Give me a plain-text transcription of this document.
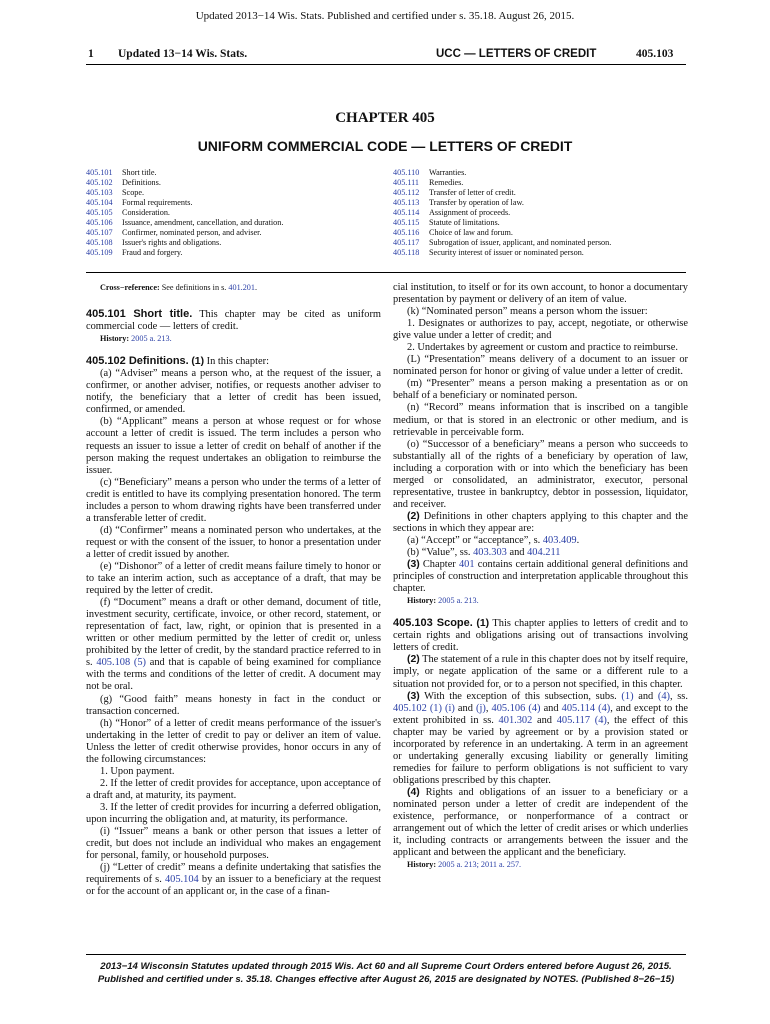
Updated 2013−14 Wis. Stats. Published and certified under s. 35.18. August 26, 2015.
1 Updated 13−14 Wis. Stats.	UCC — LETTERS OF CREDIT	405.103
CHAPTER 405
UNIFORM COMMERCIAL CODE — LETTERS OF CREDIT
405.101 Short title.
405.102 Definitions.
405.103 Scope.
405.104 Formal requirements.
405.105 Consideration.
405.106 Issuance, amendment, cancellation, and duration.
405.107 Confirmer, nominated person, and adviser.
405.108 Issuer's rights and obligations.
405.109 Fraud and forgery.
405.110 Warranties.
405.111 Remedies.
405.112 Transfer of letter of credit.
405.113 Transfer by operation of law.
405.114 Assignment of proceeds.
405.115 Statute of limitations.
405.116 Choice of law and forum.
405.117 Subrogation of issuer, applicant, and nominated person.
405.118 Security interest of issuer or nominated person.

Cross−reference: See definitions in s. 401.201.

405.101 Short title. This chapter may be cited as uniform commercial code — letters of credit.

History: 2005 a. 213.

405.102 Definitions. (1) In this chapter:

(a) “Adviser” means a person who, at the request of the issuer, a confirmer, or another adviser, notifies, or requests another adviser to notify, the beneficiary that a letter of credit has been issued, confirmed, or amended.

(b) “Applicant” means a person at whose request or for whose account a letter of credit is issued. The term includes a person who requests an issuer to issue a letter of credit on behalf of another if the person making the request undertakes an obligation to reimburse the issuer.

(c) “Beneficiary” means a person who under the terms of a letter of credit is entitled to have its complying presentation honored. The term includes a person to whom drawing rights have been transferred under a transferable letter of credit.

(d) “Confirmer” means a nominated person who undertakes, at the request or with the consent of the issuer, to honor a presentation under a letter of credit issued by another.

(e) “Dishonor” of a letter of credit means failure timely to honor or to take an interim action, such as acceptance of a draft, that may be required by the letter of credit.

(f) “Document” means a draft or other demand, document of title, investment security, certificate, invoice, or other record, statement, or representation of fact, law, right, or opinion that is presented in a written or other medium permitted by the letter of credit or, unless prohibited by the letter of credit, by the standard practice referred to in s. 405.108 (5) and that is capable of being examined for compliance with the terms and conditions of the letter of credit. A document may not be oral.

(g) “Good faith” means honesty in fact in the conduct or transaction concerned.

(h) “Honor” of a letter of credit means performance of the issuer's undertaking in the letter of credit to pay or deliver an item of value. Unless the letter of credit otherwise provides, honor occurs in any of the following circumstances:

1. Upon payment.

2. If the letter of credit provides for acceptance, upon acceptance of a draft and, at maturity, its payment.

3. If the letter of credit provides for incurring a deferred obligation, upon incurring the obligation and, at maturity, its performance.

(i) “Issuer” means a bank or other person that issues a letter of credit, but does not include an individual who makes an engagement for personal, family, or household purposes.

(j) “Letter of credit” means a definite undertaking that satisfies the requirements of s. 405.104 by an issuer to a beneficiary at the request or for the account of an applicant or, in the case of a finan-

cial institution, to itself or for its own account, to honor a documentary presentation by payment or delivery of an item of value.

(k) “Nominated person” means a person whom the issuer:

1. Designates or authorizes to pay, accept, negotiate, or otherwise give value under a letter of credit; and

2. Undertakes by agreement or custom and practice to reimburse.

(L) “Presentation” means delivery of a document to an issuer or nominated person for honor or giving of value under a letter of credit.

(m) “Presenter” means a person making a presentation as or on behalf of a beneficiary or nominated person.

(n) “Record” means information that is inscribed on a tangible medium, or that is stored in an electronic or other medium, and is retrievable in perceivable form.

(o) “Successor of a beneficiary” means a person who succeeds to substantially all of the rights of a beneficiary by operation of law, including a corporation with or into which the beneficiary has been merged or consolidated, an administrator, executor, personal representative, trustee in bankruptcy, debtor in possession, liquidator, and receiver.

(2) Definitions in other chapters applying to this chapter and the sections in which they appear are:

(a) “Accept” or “acceptance”, s. 403.409.

(b) “Value”, ss. 403.303 and 404.211

(3) Chapter 401 contains certain additional general definitions and principles of construction and interpretation applicable throughout this chapter.

History: 2005 a. 213.

405.103 Scope. (1) This chapter applies to letters of credit and to certain rights and obligations arising out of transactions involving letters of credit.

(2) The statement of a rule in this chapter does not by itself require, imply, or negate application of the same or a different rule to a situation not provided for, or to a person not specified, in this chapter.

(3) With the exception of this subsection, subs. (1) and (4), ss. 405.102 (1) (i) and (j), 405.106 (4) and 405.114 (4), and except to the extent prohibited in ss. 401.302 and 405.117 (4), the effect of this chapter may be varied by agreement or by a provision stated or incorporated by reference in an undertaking. A term in an agreement or undertaking generally excusing liability or generally limiting remedies for failure to perform obligations is not sufficient to vary obligations prescribed by this chapter.

(4) Rights and obligations of an issuer to a beneficiary or a nominated person under a letter of credit are independent of the existence, performance, or nonperformance of a contract or arrangement out of which the letter of credit arises or which underlies it, including contracts or arrangements between the issuer and the applicant and between the applicant and the beneficiary.

History: 2005 a. 213; 2011 a. 257.

2013−14 Wisconsin Statutes updated through 2015 Wis. Act 60 and all Supreme Court Orders entered before August 26, 2015.
Published and certified under s. 35.18. Changes effective after August 26, 2015 are designated by NOTES. (Published 8−26−15)
